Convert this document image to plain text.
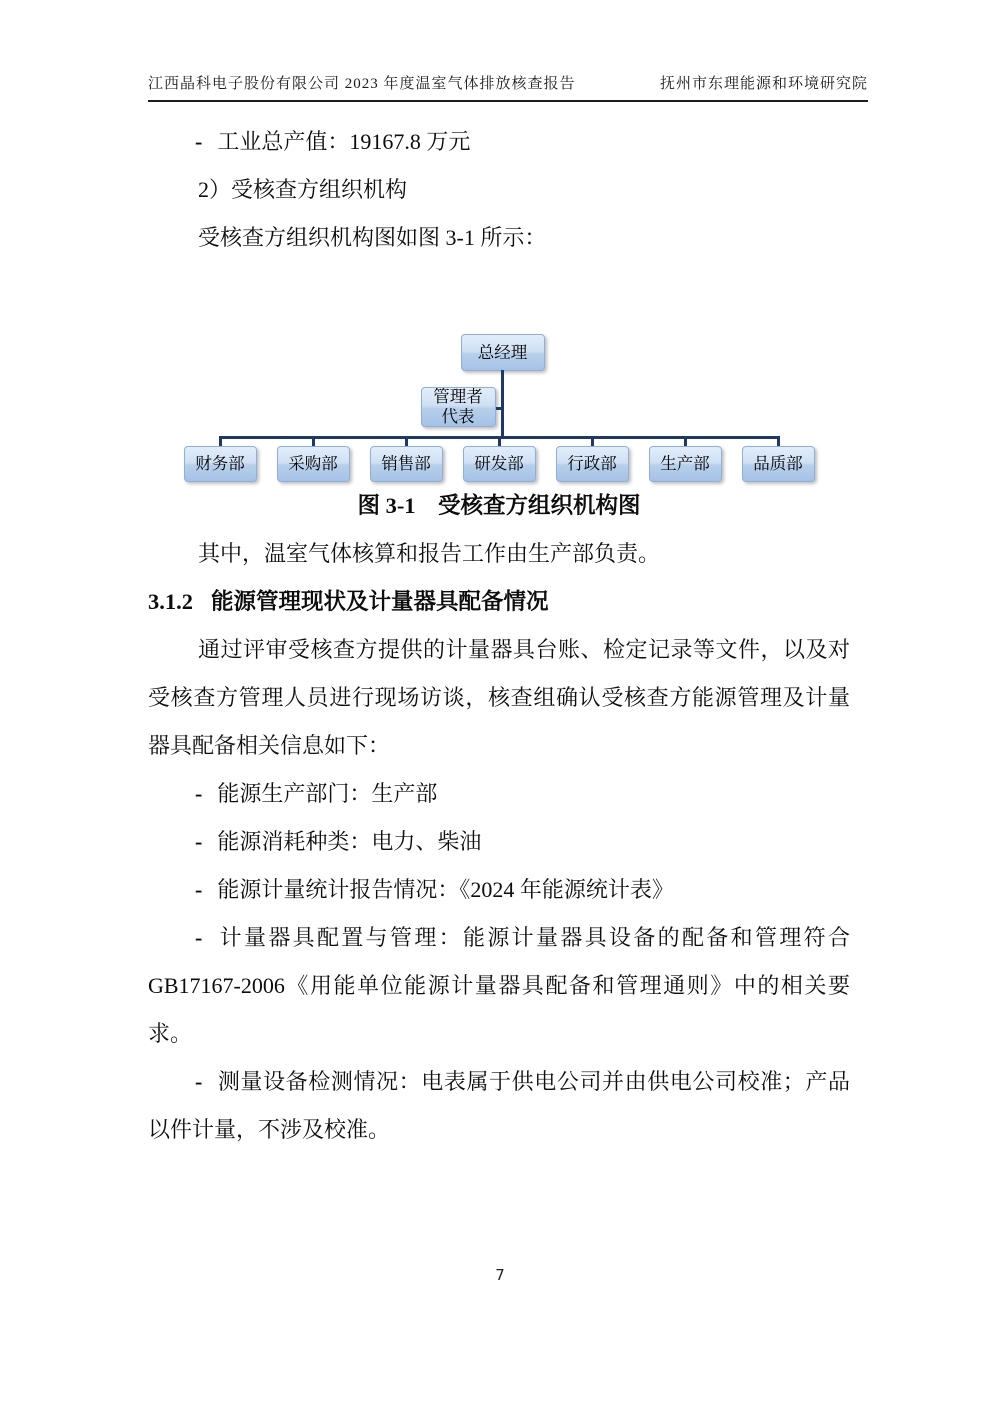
江西晶科电子股份有限公司 2023 年度温室气体排放核查报告	抚州市东理能源和环境研究院

- 工业总产值：19167.8 万元

2）受核查方组织机构

受核查方组织机构图如图 3-1 所示：

总经理
管理者代表
财务部	采购部	销售部	研发部	行政部	生产部	品质部

图 3-1　受核查方组织机构图

其中，温室气体核算和报告工作由生产部负责。

3.1.2 能源管理现状及计量器具配备情况

通过评审受核查方提供的计量器具台账、检定记录等文件，以及对受核查方管理人员进行现场访谈，核查组确认受核查方能源管理及计量器具配备相关信息如下：

- 能源生产部门：生产部

- 能源消耗种类：电力、柴油

- 能源计量统计报告情况：《2024 年能源统计表》

- 计量器具配置与管理：能源计量器具设备的配备和管理符合 GB17167-2006《用能单位能源计量器具配备和管理通则》中的相关要求。

- 测量设备检测情况：电表属于供电公司并由供电公司校准；产品以件计量，不涉及校准。

7
